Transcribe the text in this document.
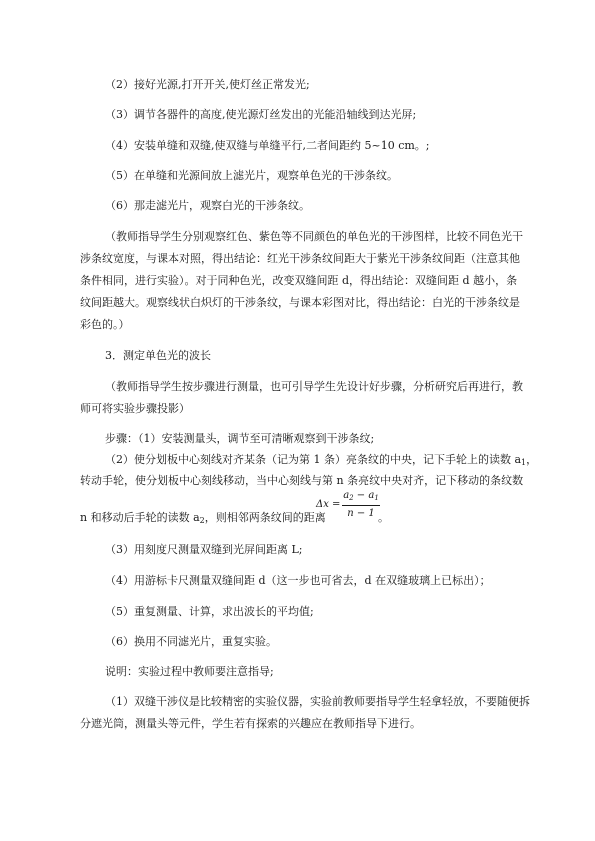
（2）接好光源,打开开关,使灯丝正常发光;
（3）调节各器件的高度,使光源灯丝发出的光能沿轴线到达光屏;
（4）安装单缝和双缝,使双缝与单缝平行,二者间距约 5~10 cm。;
（5）在单缝和光源间放上滤光片，观察单色光的干涉条纹。
（6）那走滤光片，观察白光的干涉条纹。
（教师指导学生分别观察红色、紫色等不同颜色的单色光的干涉图样，比较不同色光干
涉条纹宽度，与课本对照，得出结论：红光干涉条纹间距大于紫光干涉条纹间距（注意其他
条件相同，进行实验）。对于同种色光，改变双缝间距 d，得出结论：双缝间距 d 越小，条
纹间距越大。观察线状白炽灯的干涉条纹，与课本彩图对比，得出结论：白光的干涉条纹是
彩色的。）
3．测定单色光的波长
（教师指导学生按步骤进行测量，也可引导学生先设计好步骤，分析研究后再进行，教
师可将实验步骤投影）
步骤：（1）安装测量头，调节至可清晰观察到干涉条纹;
（2）使分划板中心刻线对齐某条（记为第 1 条）亮条纹的中央，记下手轮上的读数 $a_1$，
转动手轮，使分划板中心刻线移动，当中心刻线与第 n 条亮纹中央对齐，记下移动的条纹数
n 和移动后手轮的读数 $a_2$，则相邻两条纹间的距离
Δx =
$a_2 - a_1$
n − 1 。
（3）用刻度尺测量双缝到光屏间距离 L;
（4）用游标卡尺测量双缝间距 d（这一步也可省去，d 在双缝玻璃上已标出）；
（5）重复测量、计算，求出波长的平均值;
（6）换用不同滤光片，重复实验。
说明：实验过程中教师要注意指导;
（1）双缝干涉仪是比较精密的实验仪器，实验前教师要指导学生轻拿轻放，不要随便拆
分遮光筒，测量头等元件，学生若有探索的兴趣应在教师指导下进行。
